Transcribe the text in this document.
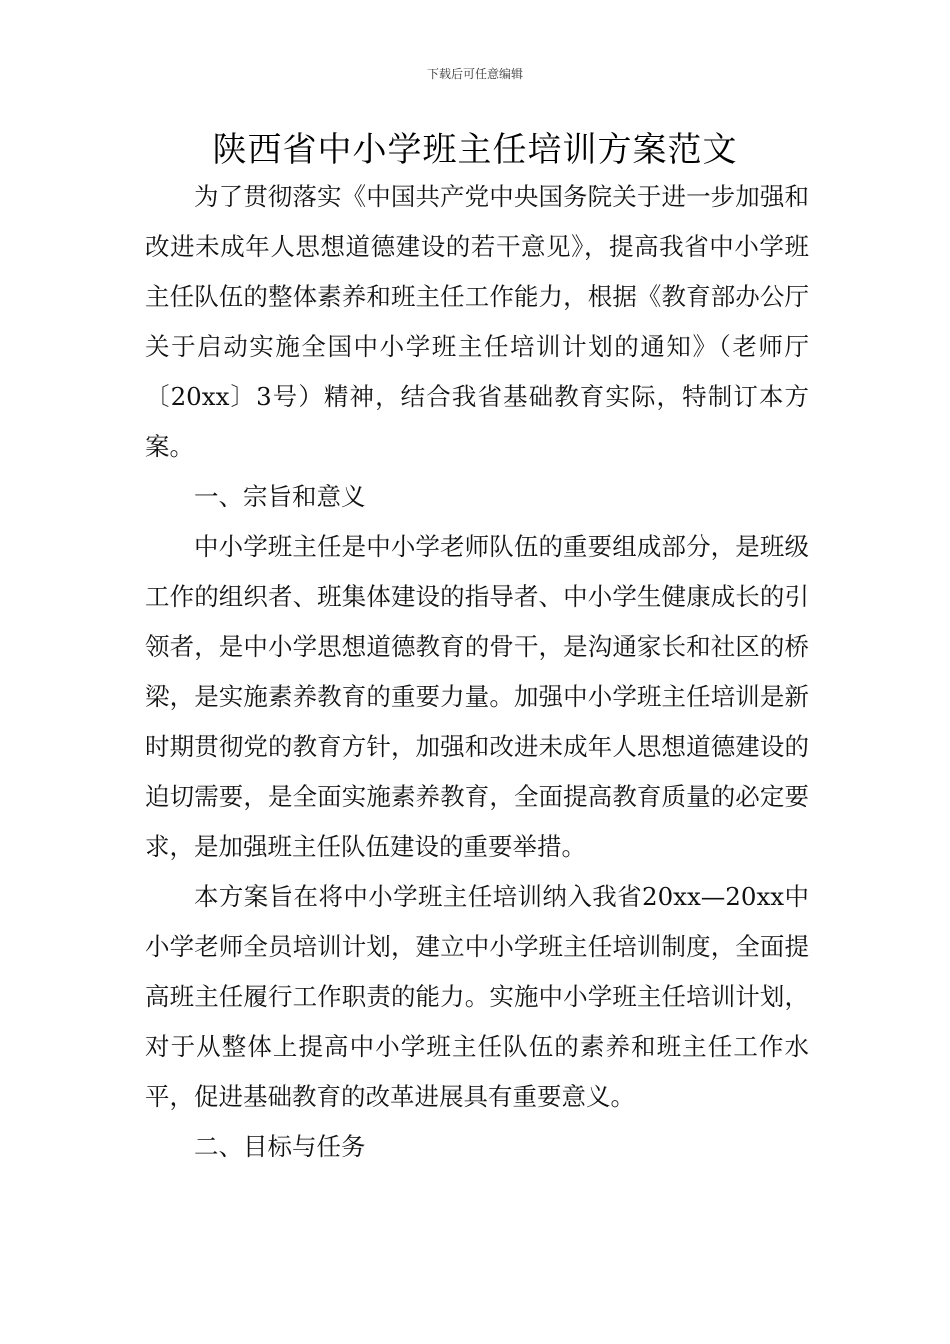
下载后可任意编辑
陕西省中小学班主任培训方案范文

为了贯彻落实《中国共产党中央国务院关于进一步加强和改进未成年人思想道德建设的若干意见》，提高我省中小学班主任队伍的整体素养和班主任工作能力，根据《教育部办公厅关于启动实施全国中小学班主任培训计划的通知》（老师厅〔20xx〕3号）精神，结合我省基础教育实际，特制订本方案。

一、宗旨和意义

中小学班主任是中小学老师队伍的重要组成部分，是班级工作的组织者、班集体建设的指导者、中小学生健康成长的引领者，是中小学思想道德教育的骨干，是沟通家长和社区的桥梁，是实施素养教育的重要力量。加强中小学班主任培训是新时期贯彻党的教育方针，加强和改进未成年人思想道德建设的迫切需要，是全面实施素养教育，全面提高教育质量的必定要求，是加强班主任队伍建设的重要举措。

本方案旨在将中小学班主任培训纳入我省20xx—20xx中小学老师全员培训计划，建立中小学班主任培训制度，全面提高班主任履行工作职责的能力。实施中小学班主任培训计划，对于从整体上提高中小学班主任队伍的素养和班主任工作水平，促进基础教育的改革进展具有重要意义。

二、目标与任务
